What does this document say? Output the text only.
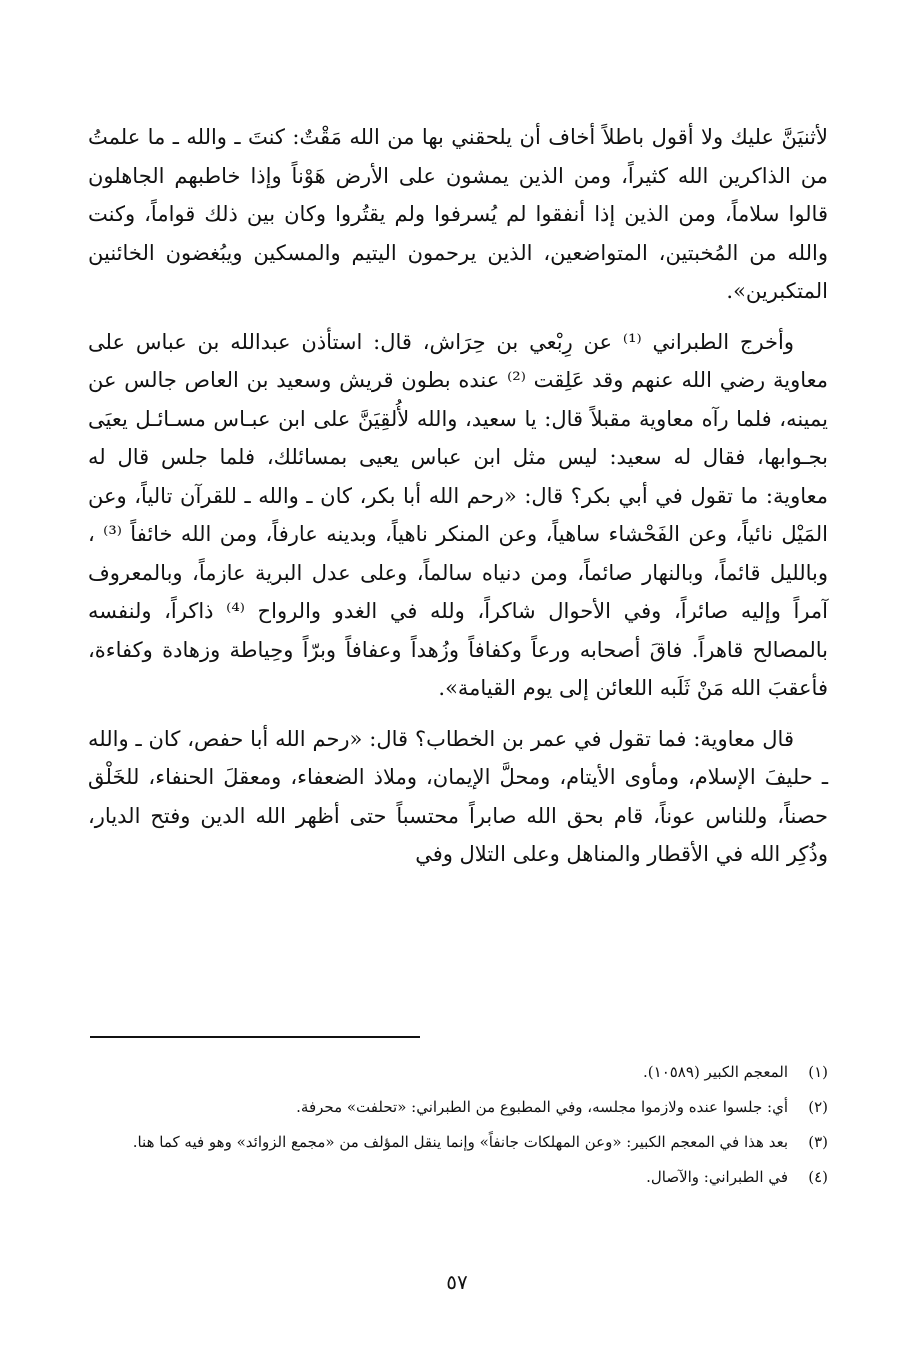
لأثنيَنَّ عليك ولا أقول باطلاً أخاف أن يلحقني بها من الله مَقْتٌ: كنتَ ـ والله ـ ما علمتُ من الذاكرين الله كثيراً، ومن الذين يمشون على الأرض هَوْناً وإذا خاطبهم الجاهلون قالوا سلاماً، ومن الذين إذا أنفقوا لم يُسرفوا ولم يقتُروا وكان بين ذلك قواماً، وكنت والله من المُخبتين، المتواضعين، الذين يرحمون اليتيم والمسكين ويبُغضون الخائنين المتكبرين».

وأخرج الطبراني ⁽¹⁾ عن رِبْعي بن حِرَاش، قال: استأذن عبدالله بن عباس على معاوية رضي الله عنهم وقد عَلِقت ⁽²⁾ عنده بطون قريش وسعيد بن العاص جالس عن يمينه، فلما رآه معاوية مقبلاً قال: يا سعيد، والله لأُلقِيَنَّ على ابن عبـاس مسـائـل يعيَى بجـوابها، فقال له سعيد: ليس مثل ابن عباس يعيى بمسائلك، فلما جلس قال له معاوية: ما تقول في أبي بكر؟ قال: «رحم الله أبا بكر، كان ـ والله ـ للقرآن تالياً، وعن المَيْل نائياً، وعن الفَحْشاء ساهياً، وعن المنكر ناهياً، وبدينه عارفاً، ومن الله خائفاً ⁽³⁾ ، وبالليل قائماً، وبالنهار صائماً، ومن دنياه سالماً، وعلى عدل البرية عازماً، وبالمعروف آمراً وإليه صائراً، وفي الأحوال شاكراً، ولله في الغدو والرواح ⁽⁴⁾ ذاكراً، ولنفسه بالمصالح قاهراً. فاقَ أصحابه ورعاً وكفافاً وزُهداً وعفافاً وبرّاً وحِياطة وزهادة وكفاءة، فأعقبَ الله مَنْ ثَلَبه اللعائن إلى يوم القيامة».

قال معاوية: فما تقول في عمر بن الخطاب؟ قال: «رحم الله أبا حفص، كان ـ والله ـ حليفَ الإسلام، ومأوى الأيتام، ومحلَّ الإيمان، وملاذ الضعفاء، ومعقلَ الحنفاء، للخَلْق حصناً، وللناس عوناً، قام بحق الله صابراً محتسباً حتى أظهر الله الدين وفتح الديار، وذُكِر الله في الأقطار والمناهل وعلى التلال وفي

(١)
المعجم الكبير (١٠٥٨٩).
(٢)
أي: جلسوا عنده ولازموا مجلسه، وفي المطبوع من الطبراني: «تحلفت» محرفة.
(٣)
بعد هذا في المعجم الكبير: «وعن المهلكات جانفاً» وإنما ينقل المؤلف من «مجمع الزوائد» وهو فيه كما هنا.
(٤)
في الطبراني: والآصال.
٥٧
